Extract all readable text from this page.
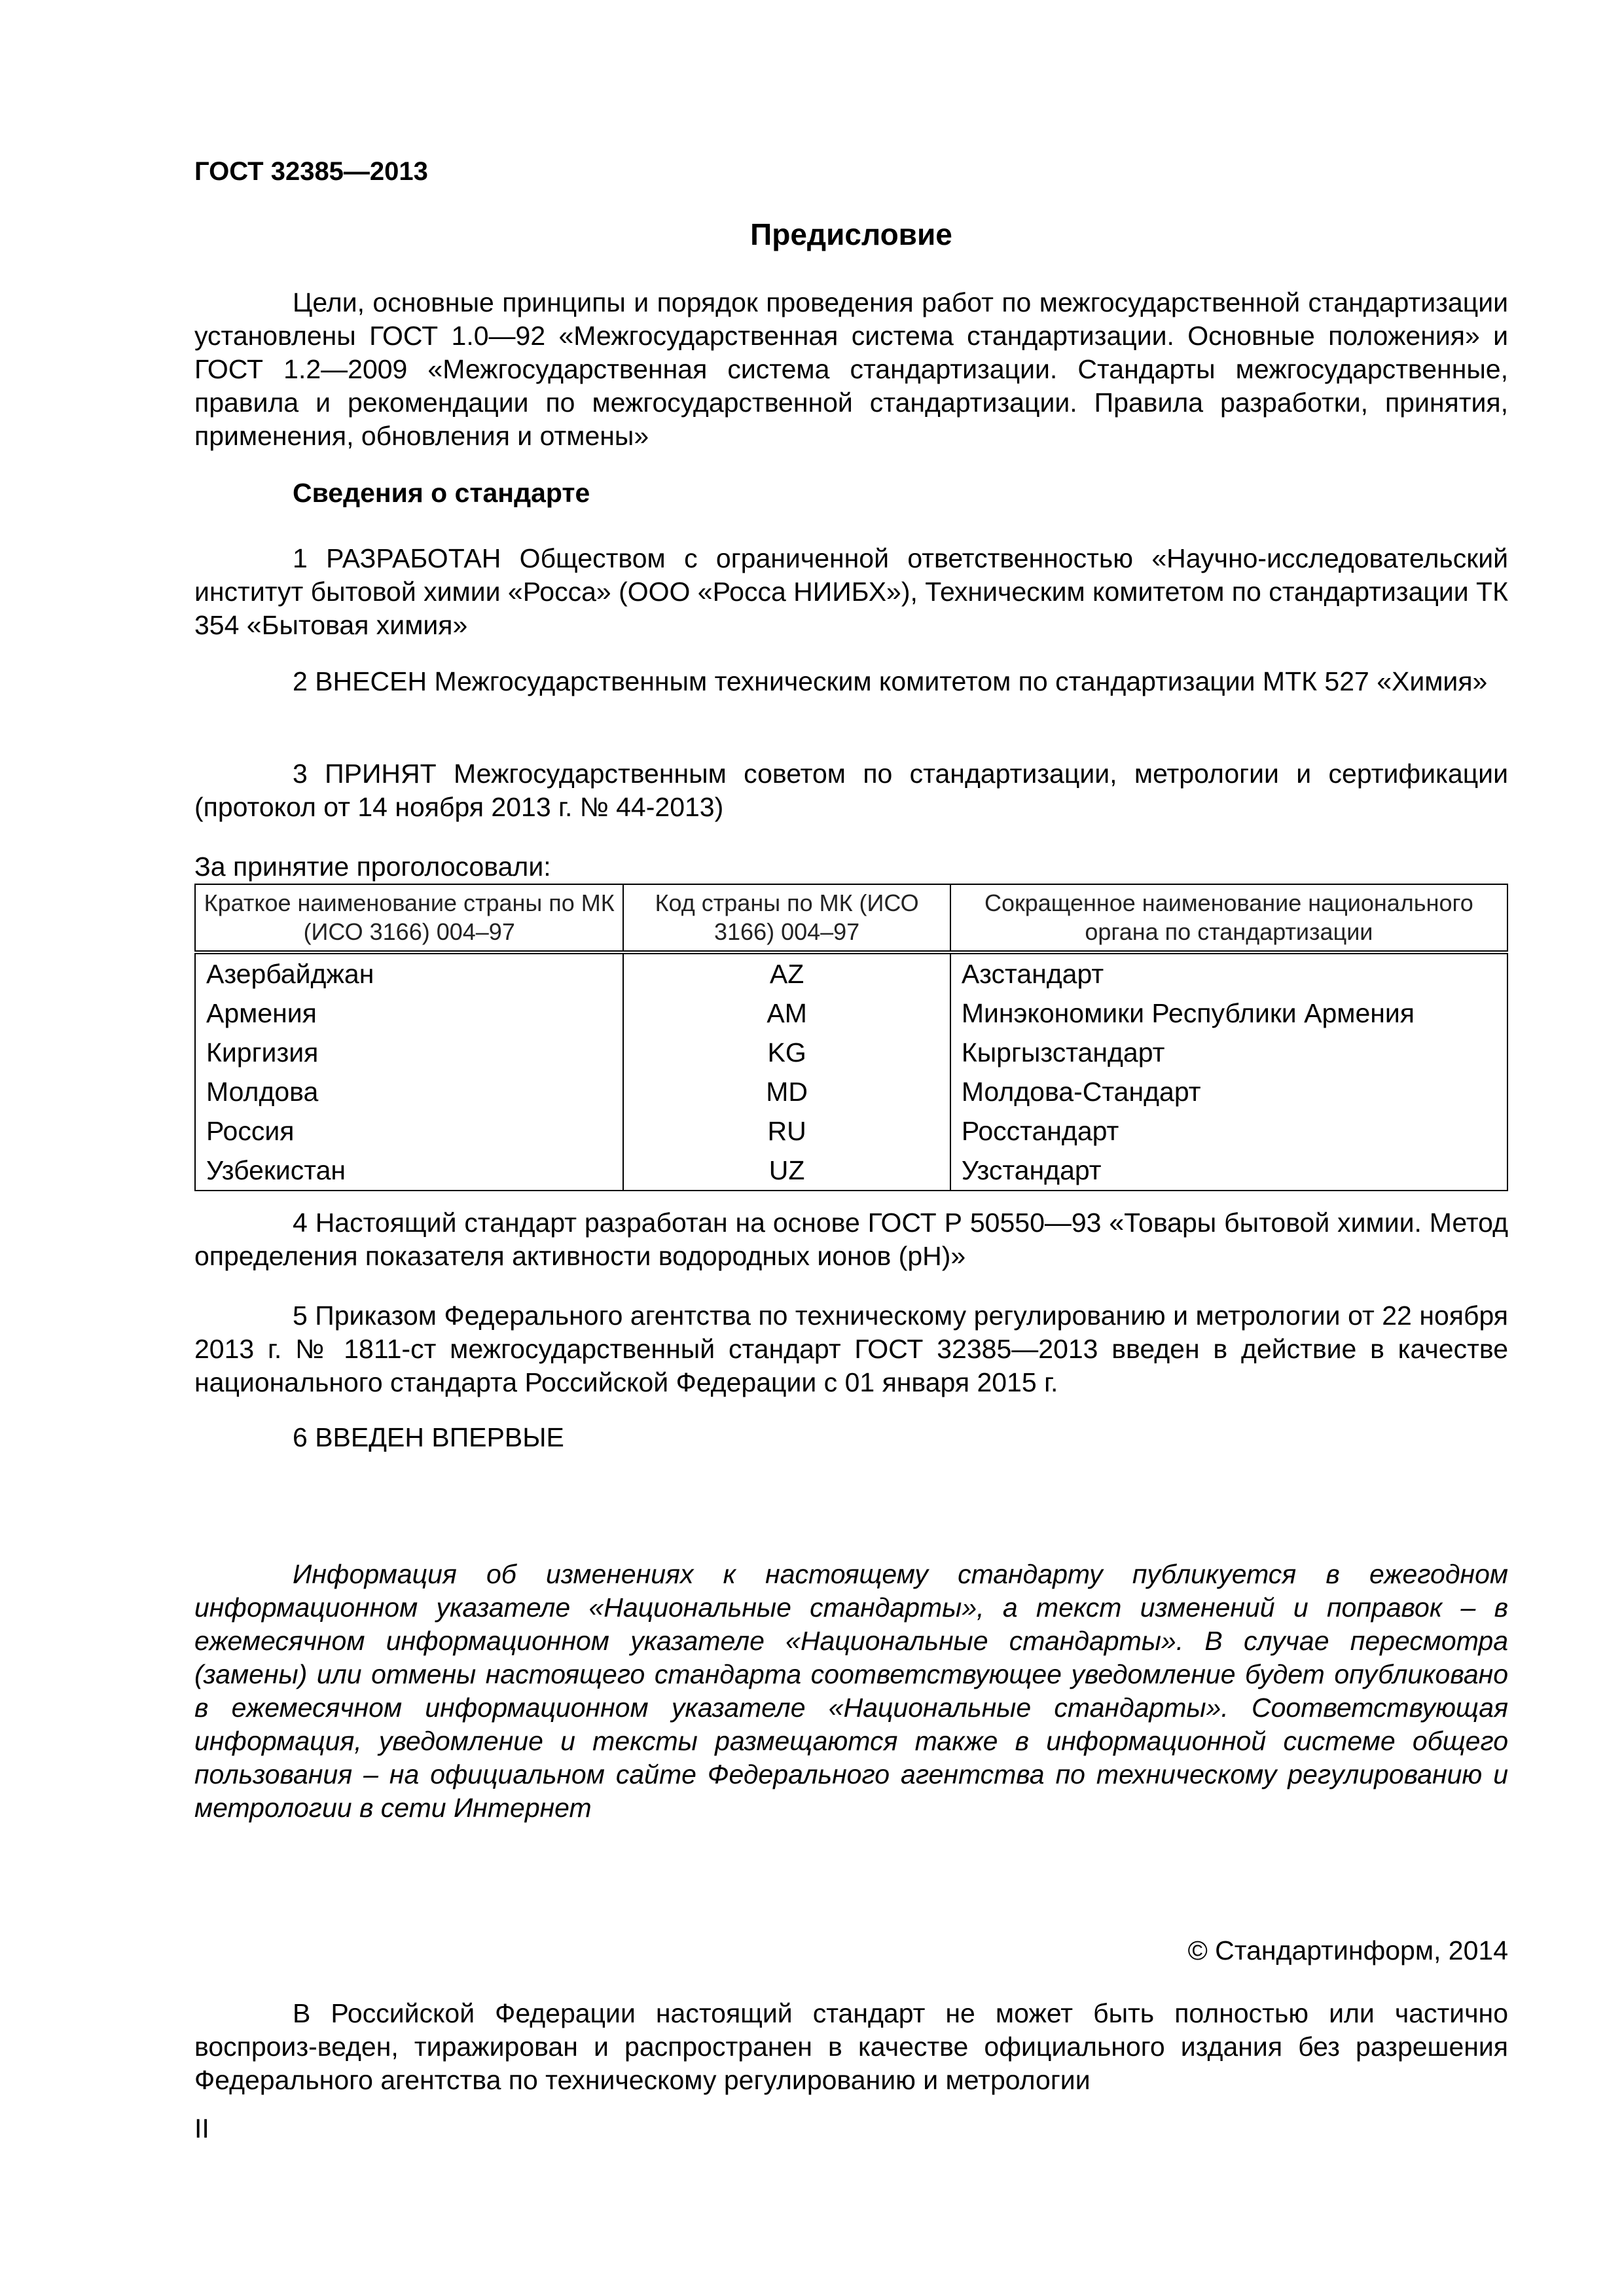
ГОСТ 32385—2013
Предисловие

Цели, основные принципы и порядок проведения работ по межгосударственной стандартизации установлены ГОСТ 1.0—92 «Межгосударственная система стандартизации. Основные положения» и ГОСТ 1.2—2009 «Межгосударственная система стандартизации. Стандарты межгосударственные, правила и рекомендации по межгосударственной стандартизации. Правила разработки, принятия, применения, обновления и отмены»

Сведения о стандарте

1 РАЗРАБОТАН Обществом с ограниченной ответственностью «Научно-исследовательский институт бытовой химии «Росса» (ООО «Росса НИИБХ»), Техническим комитетом по стандартизации ТК 354 «Бытовая химия»

2 ВНЕСЕН Межгосударственным техническим комитетом по стандартизации МТК 527 «Химия»

3 ПРИНЯТ Межгосударственным советом по стандартизации, метрологии и сертификации (протокол от 14 ноября 2013 г. № 44-2013)

За принятие проголосовали:
Краткое наименование страны по МК (ИСО 3166) 004–97	Код страны по МК (ИСО 3166) 004–97	Сокращенное наименование национального органа по стандартизации
Азербайджан	AZ	Азстандарт
Армения	AM	Минэкономики Республики Армения
Киргизия	KG	Кыргызстандарт
Молдова	MD	Молдова-Стандарт
Россия	RU	Росстандарт
Узбекистан	UZ	Узстандарт

4 Настоящий стандарт разработан на основе ГОСТ Р 50550—93 «Товары бытовой химии. Метод определения показателя активности водородных ионов (рН)»

5 Приказом Федерального агентства по техническому регулированию и метрологии от 22 ноября 2013 г. № 1811-ст межгосударственный стандарт ГОСТ 32385—2013 введен в действие в качестве национального стандарта Российской Федерации с 01 января 2015 г.

6 ВВЕДЕН ВПЕРВЫЕ

Информация об изменениях к настоящему стандарту публикуется в ежегодном информационном указателе «Национальные стандарты», а текст изменений и поправок – в ежемесячном информационном указателе «Национальные стандарты». В случае пересмотра (замены) или отмены настоящего стандарта соответствующее уведомление будет опубликовано в ежемесячном информационном указателе «Национальные стандарты». Соответствующая информация, уведомление и тексты размещаются также в информационной системе общего пользования – на официальном сайте Федерального агентства по техническому регулированию и метрологии в сети Интернет

© Стандартинформ, 2014

В Российской Федерации настоящий стандарт не может быть полностью или частично воспроиз-веден, тиражирован и распространен в качестве официального издания без разрешения Федерального агентства по техническому регулированию и метрологии

II
